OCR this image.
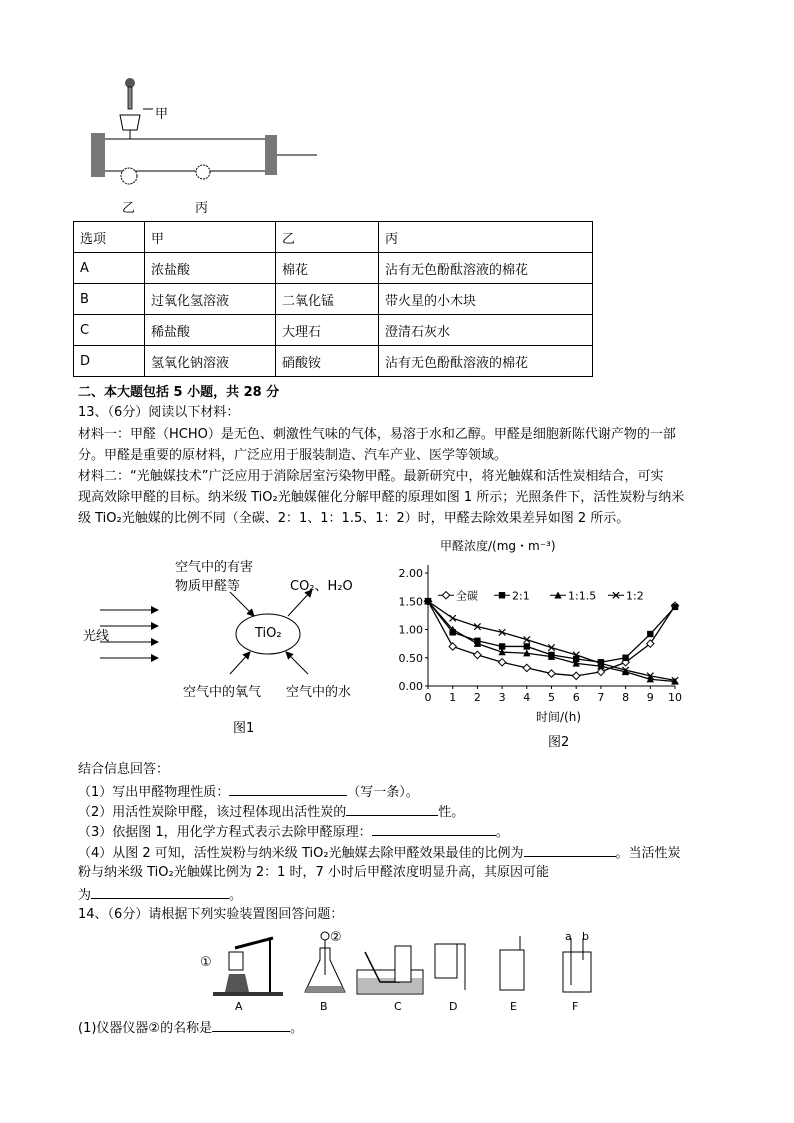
甲
乙	丙
选项	甲	乙	丙
A	浓盐酸	棉花	沾有无色酚酞溶液的棉花
B	过氧化氢溶液	二氧化锰	带火星的小木块
C	稀盐酸	大理石	澄清石灰水
D	氢氧化钠溶液	硝酸铵	沾有无色酚酞溶液的棉花
二、本大题包括 5 小题，共 28 分
13、（6分）阅读以下材料：
材料一：甲醛（HCHO）是无色、刺激性气味的气体，易溶于水和乙醇。甲醛是细胞新陈代谢产物的一部
分。甲醛是重要的原材料，广泛应用于服装制造、汽车产业、医学等领域。
材料二：“光触媒技术”广泛应用于消除居室污染物甲醛。最新研究中，将光触媒和活性炭相结合，可实
现高效除甲醛的目标。纳米级 TiO₂光触媒催化分解甲醛的原理如图 1 所示；光照条件下，活性炭粉与纳米
级 TiO₂光触媒的比例不同（全碳、2：1、1：1.5、1：2）时，甲醛去除效果差异如图 2 所示。
光线
空气中的有害
物质甲醛等	CO₂、H₂O
TiO₂
空气中的氧气 空气中的水
图1
甲醛浓度/(mg・m⁻³)
0 1 2 3 4 5 6 7 8 9 10
0.00
0.50
1.00
1.50
2.00
全碳	2:1	1:1.5	1:2
时间/(h)
图2
结合信息回答：
（1）写出甲醛物理性质：	（写一条）。
（2）用活性炭除甲醛，该过程体现出活性炭的	性。
（3）依据图 1，用化学方程式表示去除甲醛原理：	。
（4）从图 2 可知，活性炭粉与纳米级 TiO₂光触媒去除甲醛效果最佳的比例为	。当活性炭
粉与纳米级 TiO₂光触媒比例为 2：1 时，7 小时后甲醛浓度明显升高，其原因可能
为	。
14、（6分）请根据下列实验装置图回答问题：
①
②	a b
A	B	C	D	E	F
(1)仪器仪器②的名称是	。
